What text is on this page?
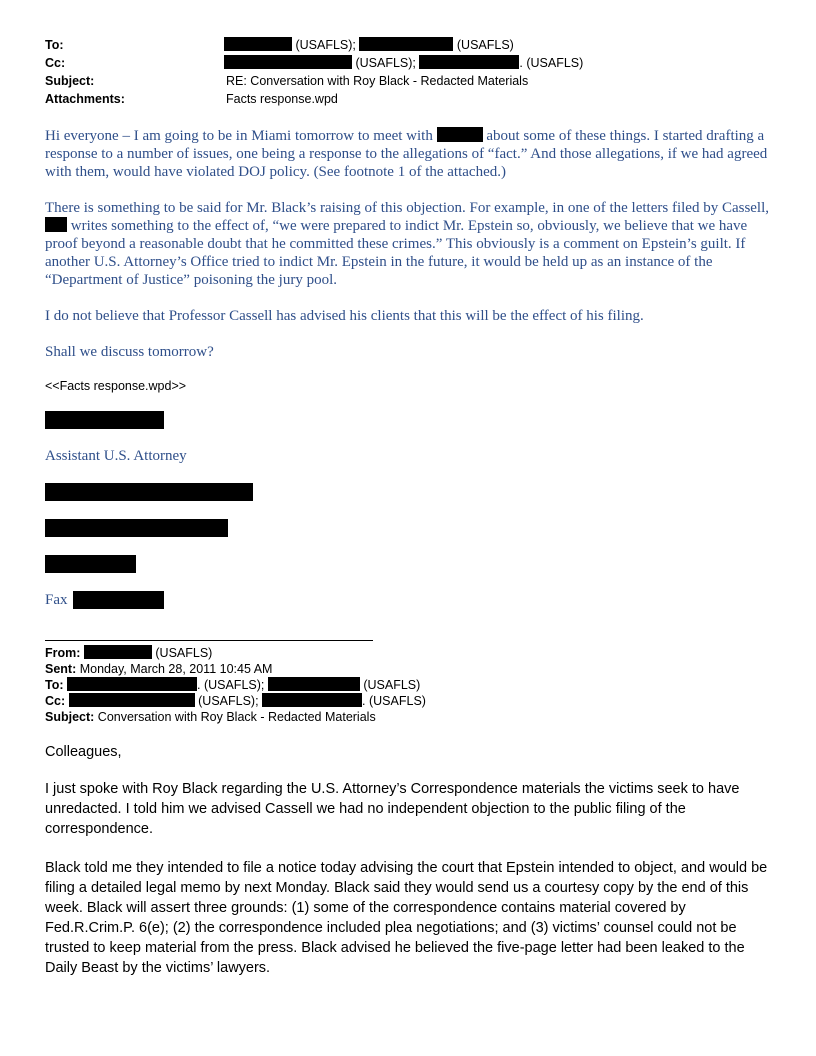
To:	(USAFLS);	(USAFLS)
Cc:	(USAFLS);	. (USAFLS)
Subject:	RE: Conversation with Roy Black - Redacted Materials
Attachments:	Facts response.wpd
Hi everyone – I am going to be in Miami tomorrow to meet with	about some of these things. I started drafting a response to a number of issues, one being a response to the allegations of “fact.” And those allegations, if we had agreed with them, would have violated DOJ policy. (See footnote 1 of the attached.)
There is something to be said for Mr. Black’s raising of this objection. For example, in one of the letters filed by Cassell,  writes something to the effect of, “we were prepared to indict Mr. Epstein so, obviously, we believe that we have proof beyond a reasonable doubt that he committed these crimes.” This obviously is a comment on Epstein’s guilt. If another U.S. Attorney’s Office tried to indict Mr. Epstein in the future, it would be held up as an instance of the “Department of Justice” poisoning the jury pool.
I do not believe that Professor Cassell has advised his clients that this will be the effect of his filing.
Shall we discuss tomorrow?
<<Facts response.wpd>>
Assistant U.S. Attorney
Fax
From:	(USAFLS)
Sent: Monday, March 28, 2011 10:45 AM
To:	. (USAFLS);	(USAFLS)
Cc:	(USAFLS);	. (USAFLS)
Subject: Conversation with Roy Black - Redacted Materials
Colleagues,
I just spoke with Roy Black regarding the U.S. Attorney’s Correspondence materials the victims seek to have unredacted. I told him we advised Cassell we had no independent objection to the public filing of the correspondence.
Black told me they intended to file a notice today advising the court that Epstein intended to object, and would be filing a detailed legal memo by next Monday. Black said they would send us a courtesy copy by the end of this week. Black will assert three grounds: (1) some of the correspondence contains material covered by Fed.R.Crim.P. 6(e); (2) the correspondence included plea negotiations; and (3) victims’ counsel could not be trusted to keep material from the press. Black advised he believed the five-page letter had been leaked to the Daily Beast by the victims’ lawyers.
